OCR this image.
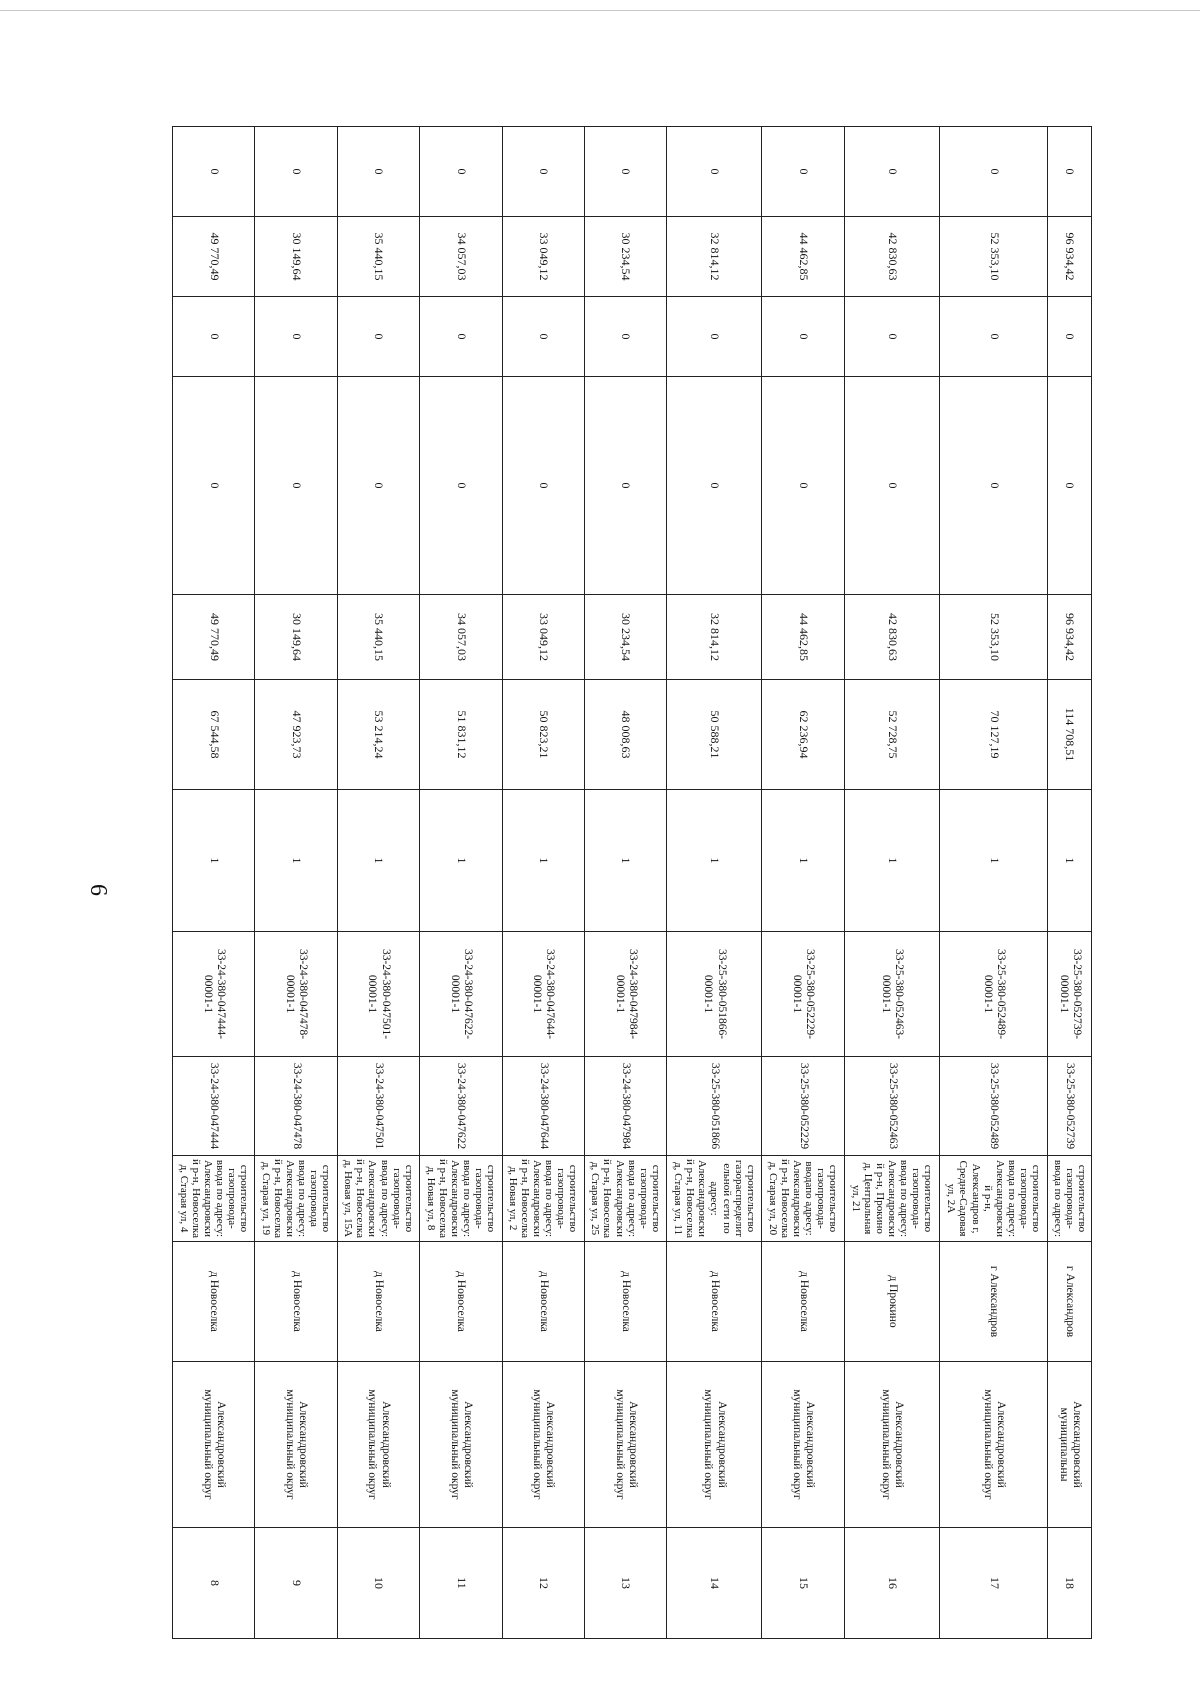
6
0	96 934,42	0	0	96 934,42	114 708,51	1	33-25-380-052739-00001-1	33-25-380-052739	строительство газопровода-ввода по адресу:	г Александров	Александровский муниципальны	18
0	52 353,10	0	0	52 353,10	70 127,19	1	33-25-380-052489-00001-1	33-25-380-052489	строительство газопровода-ввода по адресу: Александровский р-н, Александров г, Средне-Садовая ул, 2А	г Александров	Александровский муниципальный округ	17
0	42 830,63	0	0	42 830,63	52 728,75	1	33-25-380-052463-00001-1	33-25-380-052463	строительство газопровода-ввода по адресу: Александровский р-н, Прокино д, Центральная ул, 21	д Прокино	Александровский муниципальный округ	16
0	44 462,85	0	0	44 462,85	62 236,94	1	33-25-380-052229-00001-1	33-25-380-052229	строительство газопровода- вводапо адресу: Александровский р-н, Новоселка д, Старая ул, 20	д Новоселка	Александровский муниципальный округ	15
0	32 814,12	0	0	32 814,12	50 588,21	1	33-25-380-051866-00001-1	33-25-380-051866	строительство газораспределительной сети по адресу: Александровский р-н, Новоселка д, Старая ул, 11	д Новоселка	Александровский муниципальный округ	14
0	30 234,54	0	0	30 234,54	48 008,63	1	33-24-380-047984-00001-1	33-24-380-047984	строительство газопровода-ввода по адресу: Александровский р-н, Новоселка д, Старая ул, 25	д Новоселка	Александровский муниципальный округ	13
0	33 049,12	0	0	33 049,12	50 823,21	1	33-24-380-047644-00001-1	33-24-380-047644	строительство газопровода-ввода по адресу: Александровский р-н, Новоселка д, Новая ул, 2	д Новоселка	Александровский муниципальный округ	12
0	34 057,03	0	0	34 057,03	51 831,12	1	33-24-380-047622-00001-1	33-24-380-047622	строительство газопровода-ввода по адресу: Александровский р-н, Новоселка д, Новая ул, 8	д Новоселка	Александровский муниципальный округ	11
0	35 440,15	0	0	35 440,15	53 214,24	1	33-24-380-047501-00001-1	33-24-380-047501	строительство газопровода-ввода по адресу: Александровский р-н, Новоселка д, Новая ул, 15А	д Новоселка	Александровский муниципальный округ	10
0	30 149,64	0	0	30 149,64	47 923,73	1	33-24-380-047478-00001-1	33-24-380-047478	строительство газопровода ввода по адресу: Александровский р-н, Новоселка д, Старая ул, 19	д Новоселка	Александровский муниципальный округ	9
0	49 770,49	0	0	49 770,49	67 544,58	1	33-24-380-047444-00001-1	33-24-380-047444	строительство газопровода-ввода по адресу: Александровский р-н, Новоселка д, Старая ул, 4	д Новоселка	Александровский муниципальный округ	8
